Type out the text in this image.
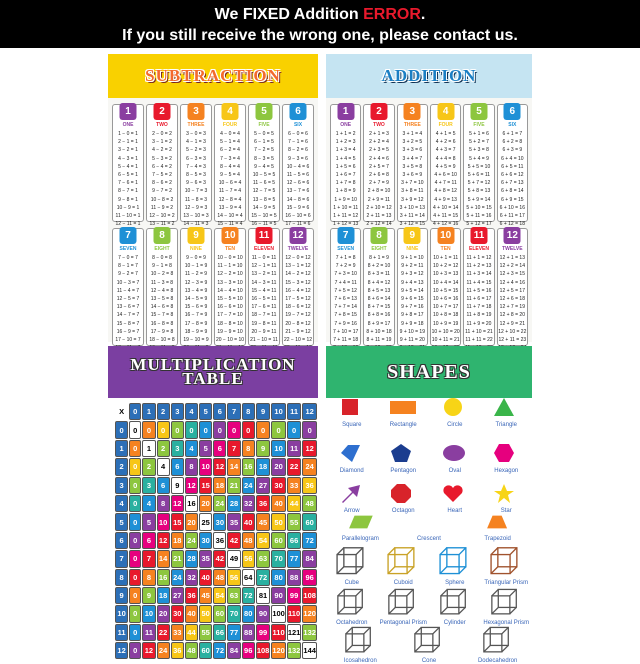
We FIXED Addition ERROR.
If you still receive the wrong one, please contact us.
SUBTRACTION
1
ONE
1 − 0 = 1
2 − 1 = 1
3 − 2 = 1
4 − 3 = 1
5 − 4 = 1
6 − 5 = 1
7 − 6 = 1
8 − 7 = 1
9 − 8 = 1
10 − 9 = 1
11 − 10 = 1
12 − 11 = 1
2
TWO
2 − 0 = 2
3 − 1 = 2
4 − 2 = 2
5 − 3 = 2
6 − 4 = 2
7 − 5 = 2
8 − 6 = 2
9 − 7 = 2
10 − 8 = 2
11 − 9 = 2
12 − 10 = 2
13 − 11 = 2
3
THREE
3 − 0 = 3
4 − 1 = 3
5 − 2 = 3
6 − 3 = 3
7 − 4 = 3
8 − 5 = 3
9 − 6 = 3
10 − 7 = 3
11 − 8 = 3
12 − 9 = 3
13 − 10 = 3
14 − 11 = 3
4
FOUR
4 − 0 = 4
5 − 1 = 4
6 − 2 = 4
7 − 3 = 4
8 − 4 = 4
9 − 5 = 4
10 − 6 = 4
11 − 7 = 4
12 − 8 = 4
13 − 9 = 4
14 − 10 = 4
15 − 11 = 4
5
FIVE
5 − 0 = 5
6 − 1 = 5
7 − 2 = 5
8 − 3 = 5
9 − 4 = 5
10 − 5 = 5
11 − 6 = 5
12 − 7 = 5
13 − 8 = 5
14 − 9 = 5
15 − 10 = 5
16 − 11 = 5
6
SIX
6 − 0 = 6
7 − 1 = 6
8 − 2 = 6
9 − 3 = 6
10 − 4 = 6
11 − 5 = 6
12 − 6 = 6
13 − 7 = 6
14 − 8 = 6
15 − 9 = 6
16 − 10 = 6
17 − 11 = 6
7
SEVEN
7 − 0 = 7
8 − 1 = 7
9 − 2 = 7
10 − 3 = 7
11 − 4 = 7
12 − 5 = 7
13 − 6 = 7
14 − 7 = 7
15 − 8 = 7
16 − 9 = 7
17 − 10 = 7

8
EIGHT
8 − 0 = 8
9 − 1 = 8
10 − 2 = 8
11 − 3 = 8
12 − 4 = 8
13 − 5 = 8
14 − 6 = 8
15 − 7 = 8
16 − 8 = 8
17 − 9 = 8
18 − 10 = 8

9
NINE
9 − 0 = 9
10 − 1 = 9
11 − 2 = 9
12 − 3 = 9
13 − 4 = 9
14 − 5 = 9
15 − 6 = 9
16 − 7 = 9
17 − 8 = 9
18 − 9 = 9
19 − 10 = 9

10
TEN
10 − 0 = 10
11 − 1 = 10
12 − 2 = 10
13 − 3 = 10
14 − 4 = 10
15 − 5 = 10
16 − 6 = 10
17 − 7 = 10
18 − 8 = 10
19 − 9 = 10
20 − 10 = 10

11
ELEVEN
11 − 0 = 11
12 − 1 = 11
13 − 2 = 11
14 − 3 = 11
15 − 4 = 11
16 − 5 = 11
17 − 6 = 11
18 − 7 = 11
19 − 8 = 11
20 − 9 = 11
21 − 10 = 11

12
TWELVE
12 − 0 = 12
13 − 1 = 12
14 − 2 = 12
15 − 3 = 12
16 − 4 = 12
17 − 5 = 12
18 − 6 = 12
19 − 7 = 12
20 − 8 = 12
21 − 9 = 12
22 − 10 = 12

ADDITION
1
ONE
1 + 1 = 2
1 + 2 = 3
1 + 3 = 4
1 + 4 = 5
1 + 5 = 6
1 + 6 = 7
1 + 7 = 8
1 + 8 = 9
1 + 9 = 10
1 + 10 = 11
1 + 11 = 12
1 + 12 = 13
2
TWO
2 + 1 = 3
2 + 2 = 4
2 + 3 = 5
2 + 4 = 6
2 + 5 = 7
2 + 6 = 8
2 + 7 = 9
2 + 8 = 10
2 + 9 = 11
2 + 10 = 12
2 + 11 = 13
2 + 12 = 14
3
THREE
3 + 1 = 4
3 + 2 = 5
3 + 3 = 6
3 + 4 = 7
3 + 5 = 8
3 + 6 = 9
3 + 7 = 10
3 + 8 = 11
3 + 9 = 12
3 + 10 = 13
3 + 11 = 14
3 + 12 = 15
4
FOUR
4 + 1 = 5
4 + 2 = 6
4 + 3 = 7
4 + 4 = 8
4 + 5 = 9
4 + 6 = 10
4 + 7 = 11
4 + 8 = 12
4 + 9 = 13
4 + 10 = 14
4 + 11 = 15
4 + 12 = 16
5
FIVE
5 + 1 = 6
5 + 2 = 7
5 + 3 = 8
5 + 4 = 9
5 + 5 = 10
5 + 6 = 11
5 + 7 = 12
5 + 8 = 13
5 + 9 = 14
5 + 10 = 15
5 + 11 = 16
5 + 12 = 17
6
SIX
6 + 1 = 7
6 + 2 = 8
6 + 3 = 9
6 + 4 = 10
6 + 5 = 11
6 + 6 = 12
6 + 7 = 13
6 + 8 = 14
6 + 9 = 15
6 + 10 = 16
6 + 11 = 17
6 + 12 = 18
7
SEVEN
7 + 1 = 8
7 + 2 = 9
7 + 3 = 10
7 + 4 = 11
7 + 5 = 12
7 + 6 = 13
7 + 7 = 14
7 + 8 = 15
7 + 9 = 16
7 + 10 = 17
7 + 11 = 18

8
EIGHT
8 + 1 = 9
8 + 2 = 10
8 + 3 = 11
8 + 4 = 12
8 + 5 = 13
8 + 6 = 14
8 + 7 = 15
8 + 8 = 16
8 + 9 = 17
8 + 10 = 18
8 + 11 = 19

9
NINE
9 + 1 = 10
9 + 2 = 11
9 + 3 = 12
9 + 4 = 13
9 + 5 = 14
9 + 6 = 15
9 + 7 = 16
9 + 8 = 17
9 + 9 = 18
9 + 10 = 19
9 + 11 = 20

10
TEN
10 + 1 = 11
10 + 2 = 12
10 + 3 = 13
10 + 4 = 14
10 + 5 = 15
10 + 6 = 16
10 + 7 = 17
10 + 8 = 18
10 + 9 = 19
10 + 10 = 20
10 + 11 = 21

11
ELEVEN
11 + 1 = 12
11 + 2 = 13
11 + 3 = 14
11 + 4 = 15
11 + 5 = 16
11 + 6 = 17
11 + 7 = 18
11 + 8 = 19
11 + 9 = 20
11 + 10 = 21
11 + 11 = 22

12
TWELVE
12 + 1 = 13
12 + 2 = 14
12 + 3 = 15
12 + 4 = 16
12 + 5 = 17
12 + 6 = 18
12 + 7 = 19
12 + 8 = 20
12 + 9 = 21
12 + 10 = 22
12 + 11 = 23

MULTIPLICATION
TABLE
X	0	1	2	3	4	5	6	7	8	9	10	11	12
0	0	0	0	0	0	0	0	0	0	0	0	0	0
1	0	1	2	3	4	5	6	7	8	9	10	11	12
2	0	2	4	6	8	10	12	14	16	18	20	22	24
3	0	3	6	9	12	15	18	21	24	27	30	33	36
4	0	4	8	12	16	20	24	28	32	36	40	44	48
5	0	5	10	15	20	25	30	35	40	45	50	55	60
6	0	6	12	18	24	30	36	42	48	54	60	66	72
7	0	7	14	21	28	35	42	49	56	63	70	77	84
8	0	8	16	24	32	40	48	56	64	72	80	88	96
9	0	9	18	27	36	45	54	63	72	81	90	99	108
10	0	10	20	30	40	50	60	70	80	90	100	110	120
11	0	11	22	33	44	55	66	77	88	99	110	121	132
12	0	12	24	36	48	60	72	84	96	108	120	132	144
SHAPES
Square	Rectangle	Circle	Triangle
Diamond	Pentagon	Oval	Hexagon
Arrow	Octagon	Heart	Star
Parallelogram	Crescent	Trapezoid
Cube	Cuboid	Sphere	Triangular Prism
Octahedron	Pentagonal Prism	Cylinder	Hexagonal Prism
Icosahedron	Cone	Dodecahedron
